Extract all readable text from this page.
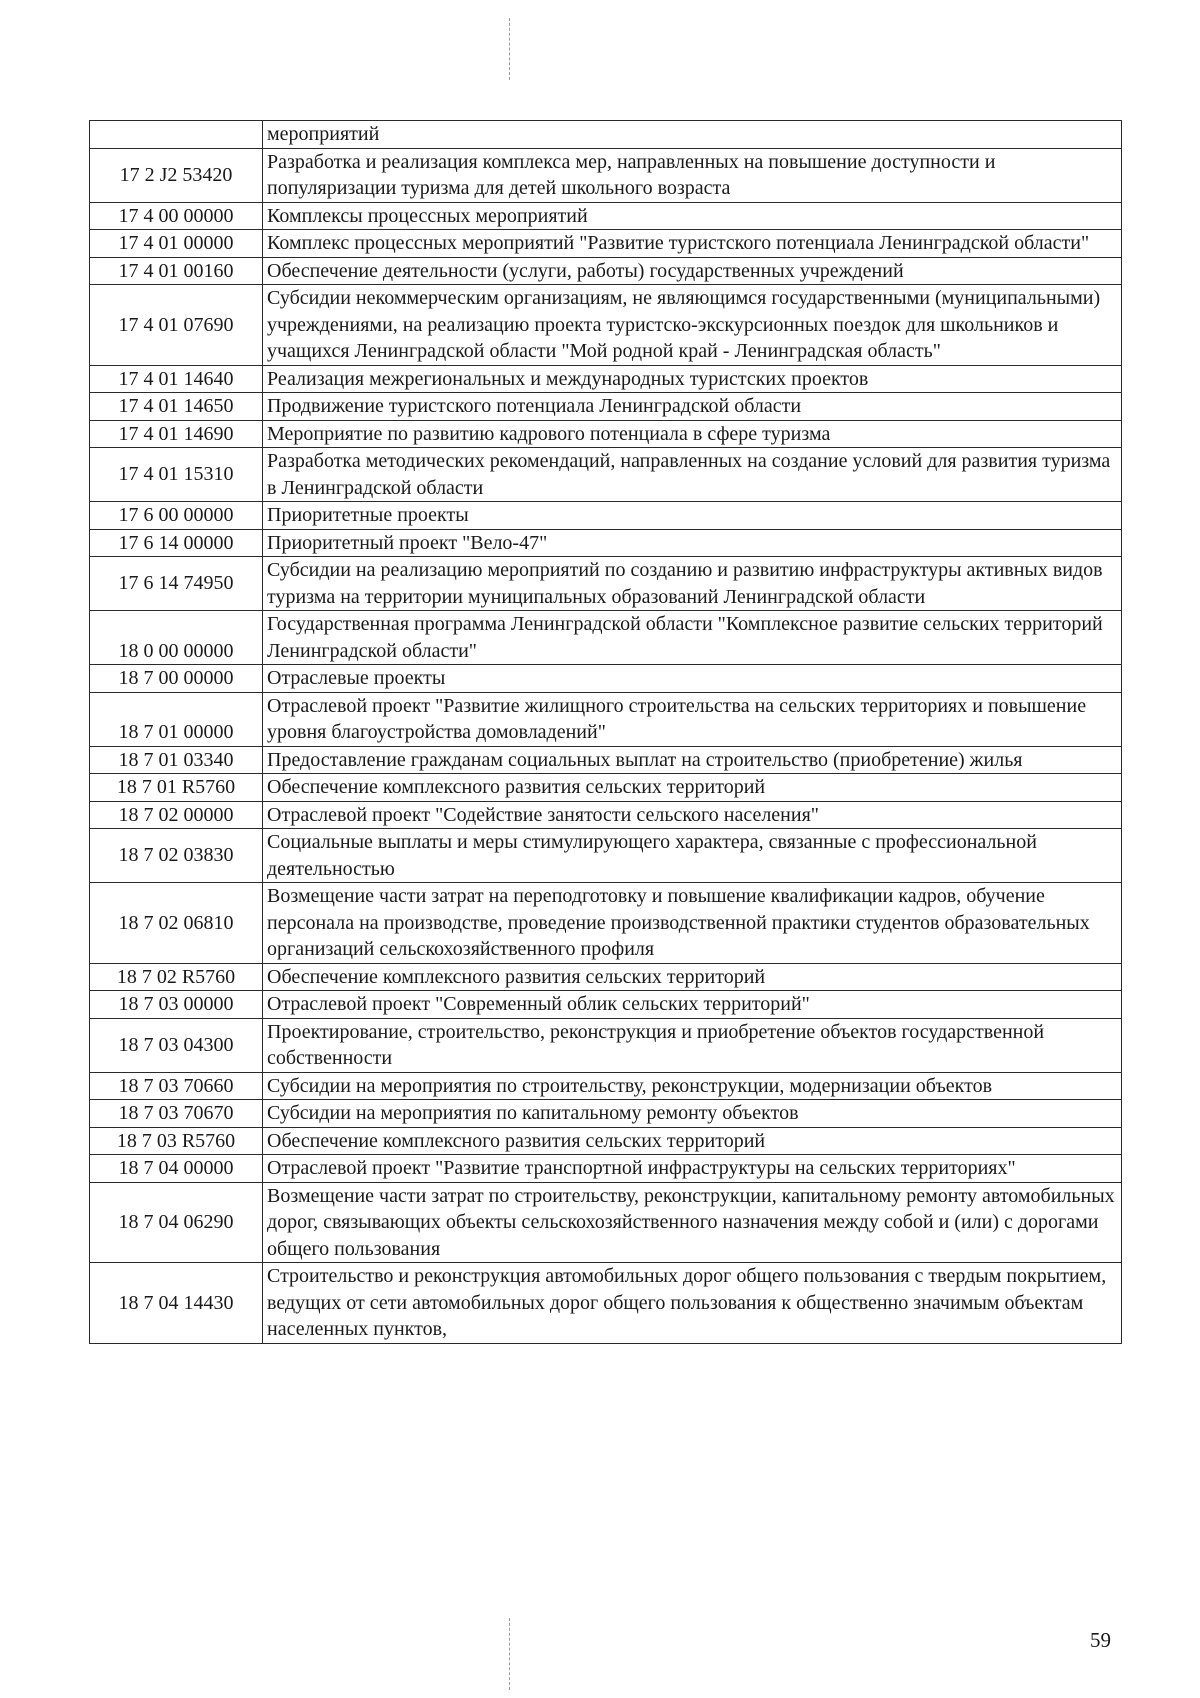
	мероприятий
17 2 J2 53420	Разработка и реализация комплекса мер, направленных на повышение доступности и популяризации туризма для детей школьного возраста
17 4 00 00000	Комплексы процессных мероприятий
17 4 01 00000	Комплекс процессных мероприятий "Развитие туристского потенциала Ленинградской области"
17 4 01 00160	Обеспечение деятельности (услуги, работы) государственных учреждений
17 4 01 07690	Субсидии некоммерческим организациям, не являющимся государственными (муниципальными) учреждениями, на реализацию проекта туристско-экскурсионных поездок для школьников и учащихся Ленинградской области "Мой родной край - Ленинградская область"
17 4 01 14640	Реализация межрегиональных и международных туристских проектов
17 4 01 14650	Продвижение туристского потенциала Ленинградской области
17 4 01 14690	Мероприятие по развитию кадрового потенциала в сфере туризма
17 4 01 15310	Разработка методических рекомендаций, направленных на создание условий для развития туризма в Ленинградской области
17 6 00 00000	Приоритетные проекты
17 6 14 00000	Приоритетный проект "Вело-47"
17 6 14 74950	Субсидии на реализацию мероприятий по созданию и развитию инфраструктуры активных видов туризма на территории муниципальных образований Ленинградской области
18 0 00 00000	Государственная программа Ленинградской области "Комплексное развитие сельских территорий Ленинградской области"
18 7 00 00000	Отраслевые проекты
18 7 01 00000	Отраслевой проект "Развитие жилищного строительства на сельских территориях и повышение уровня благоустройства домовладений"
18 7 01 03340	Предоставление гражданам социальных выплат на строительство (приобретение) жилья
18 7 01 R5760	Обеспечение комплексного развития сельских территорий
18 7 02 00000	Отраслевой проект "Содействие занятости сельского населения"
18 7 02 03830	Социальные выплаты и меры стимулирующего характера, связанные с профессиональной деятельностью
18 7 02 06810	Возмещение части затрат на переподготовку и повышение квалификации кадров, обучение персонала на производстве, проведение производственной практики студентов образовательных организаций сельскохозяйственного профиля
18 7 02 R5760	Обеспечение комплексного развития сельских территорий
18 7 03 00000	Отраслевой проект "Современный облик сельских территорий"
18 7 03 04300	Проектирование, строительство, реконструкция и приобретение объектов государственной собственности
18 7 03 70660	Субсидии на мероприятия по строительству, реконструкции, модернизации объектов
18 7 03 70670	Субсидии на мероприятия по капитальному ремонту объектов
18 7 03 R5760	Обеспечение комплексного развития сельских территорий
18 7 04 00000	Отраслевой проект "Развитие транспортной инфраструктуры на сельских территориях"
18 7 04 06290	Возмещение части затрат по строительству, реконструкции, капитальному ремонту автомобильных дорог, связывающих объекты сельскохозяйственного назначения между собой и (или) с дорогами общего пользования
18 7 04 14430	Строительство и реконструкция автомобильных дорог общего пользования с твердым покрытием, ведущих от сети автомобильных дорог общего пользования к общественно значимым объектам населенных пунктов,
59
